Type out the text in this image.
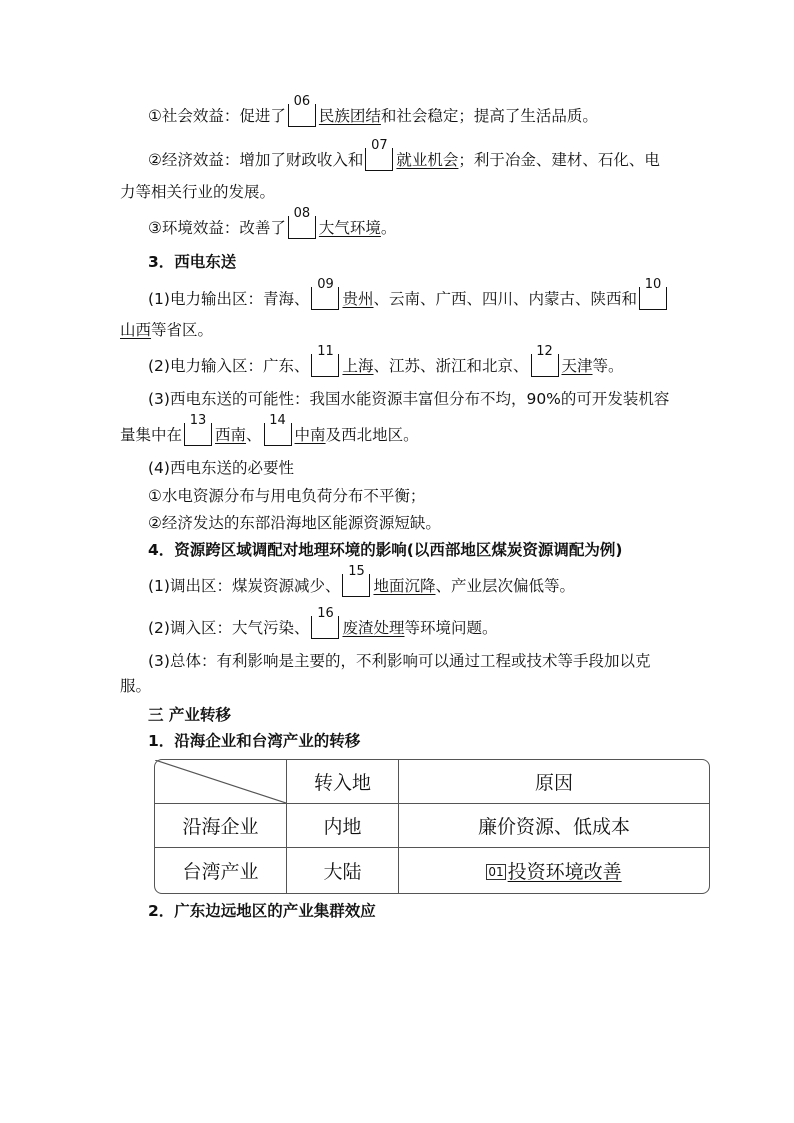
①社会效益：促进了
06
民族团结和社会稳定；提高了生活品质。
②经济效益：增加了财政收入和
07
就业机会；利于冶金、建材、石化、电
力等相关行业的发展。
③环境效益：改善了
08
大气环境。
3．西电东送
(1)电力输出区：青海、
09
贵州、云南、广西、四川、内蒙古、陕西和
10
山西等省区。
(2)电力输入区：广东、
11
上海、江苏、浙江和北京、
12
天津等。
(3)西电东送的可能性：我国水能资源丰富但分布不均，90%的可开发装机容
量集中在
13
西南、
14
中南及西北地区。
(4)西电东送的必要性
①水电资源分布与用电负荷分布不平衡；
②经济发达的东部沿海地区能源资源短缺。
4．资源跨区域调配对地理环境的影响(以西部地区煤炭资源调配为例)
(1)调出区：煤炭资源减少、
15
地面沉降、产业层次偏低等。
(2)调入区：大气污染、
16
废渣处理等环境问题。
(3)总体：有利影响是主要的，不利影响可以通过工程或技术等手段加以克
服。
三 产业转移
1．沿海企业和台湾产业的转移
	转入地	原因
沿海企业	内地	廉价资源、低成本
台湾产业	大陆	01 投资环境改善
2．广东边远地区的产业集群效应
